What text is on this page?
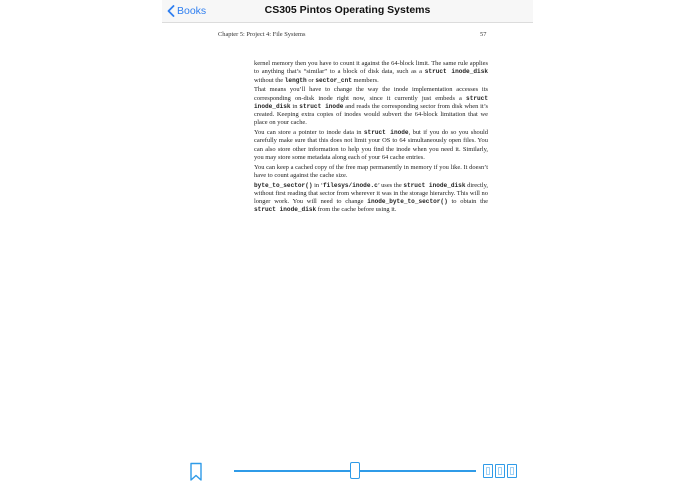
Books	CS305 Pintos Operating Systems
Chapter 5: Project 4: File Systems	57

kernel memory then you have to count it against the 64-block limit. The same rule applies to anything that’s “similar” to a block of disk data, such as a struct inode_disk without the length or sector_cnt members.

That means you’ll have to change the way the inode implementation accesses its corresponding on-disk inode right now, since it currently just embeds a struct inode_disk in struct inode and reads the corresponding sector from disk when it’s created. Keeping extra copies of inodes would subvert the 64-block limitation that we place on your cache.

You can store a pointer to inode data in struct inode, but if you do so you should carefully make sure that this does not limit your OS to 64 simultaneously open files. You can also store other information to help you find the inode when you need it. Similarly, you may store some metadata along each of your 64 cache entries.

You can keep a cached copy of the free map permanently in memory if you like. It doesn’t have to count against the cache size.

byte_to_sector() in ‘filesys/inode.c’ uses the struct inode_disk directly, without first reading that sector from wherever it was in the storage hierarchy. This will no longer work. You will need to change inode_byte_to_sector() to obtain the struct inode_disk from the cache before using it.
